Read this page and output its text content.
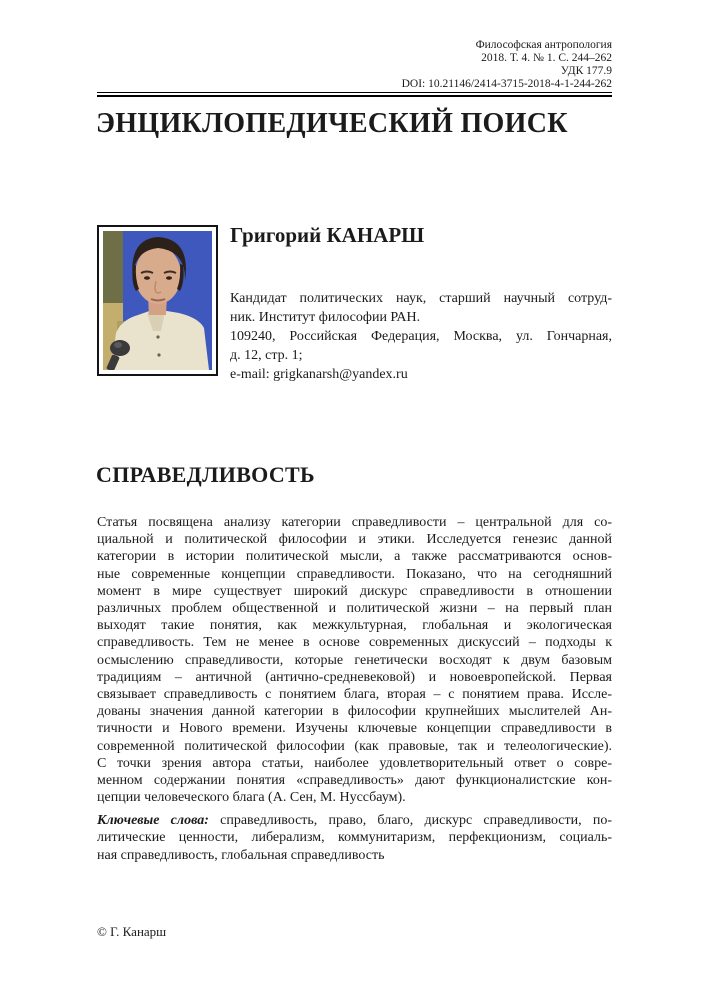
Философская антропология
2018. Т. 4. № 1. С. 244–262
УДК 177.9
DOI: 10.21146/2414-3715-2018-4-1-244-262
ЭНЦИКЛОПЕДИЧЕСКИЙ ПОИСК
Григорий КАНАРШ
Кандидат политических наук, старший научный сотруд-
ник. Институт философии РАН.
109240, Российская Федерация, Москва, ул. Гончарная,
д. 12, стр. 1;
e-mail: grigkanarsh@yandex.ru
СПРАВЕДЛИВОСТЬ
Статья посвящена анализу категории справедливости – центральной для со-
циальной и политической философии и этики. Исследуется генезис данной
категории в истории политической мысли, а также рассматриваются основ-
ные современные концепции справедливости. Показано, что на сегодняшний
момент в мире существует широкий дискурс справедливости в отношении
различных проблем общественной и политической жизни – на первый план
выходят такие понятия, как межкультурная, глобальная и экологическая
справедливость. Тем не менее в основе современных дискуссий – подходы к
осмыслению справедливости, которые генетически восходят к двум базовым
традициям – античной (антично-средневековой) и новоевропейской. Первая
связывает справедливость с понятием блага, вторая – с понятием права. Иссле-
дованы значения данной категории в философии крупнейших мыслителей Ан-
тичности и Нового времени. Изучены ключевые концепции справедливости в
современной политической философии (как правовые, так и телеологические).
С точки зрения автора статьи, наиболее удовлетворительный ответ о совре-
менном содержании понятия «справедливость» дают функционалистские кон-
цепции человеческого блага (А. Сен, М. Нуссбаум).
Ключевые слова: справедливость, право, благо, дискурс справедливости, по-
литические ценности, либерализм, коммунитаризм, перфекционизм, социаль-
ная справедливость, глобальная справедливость
© Г. Канарш
